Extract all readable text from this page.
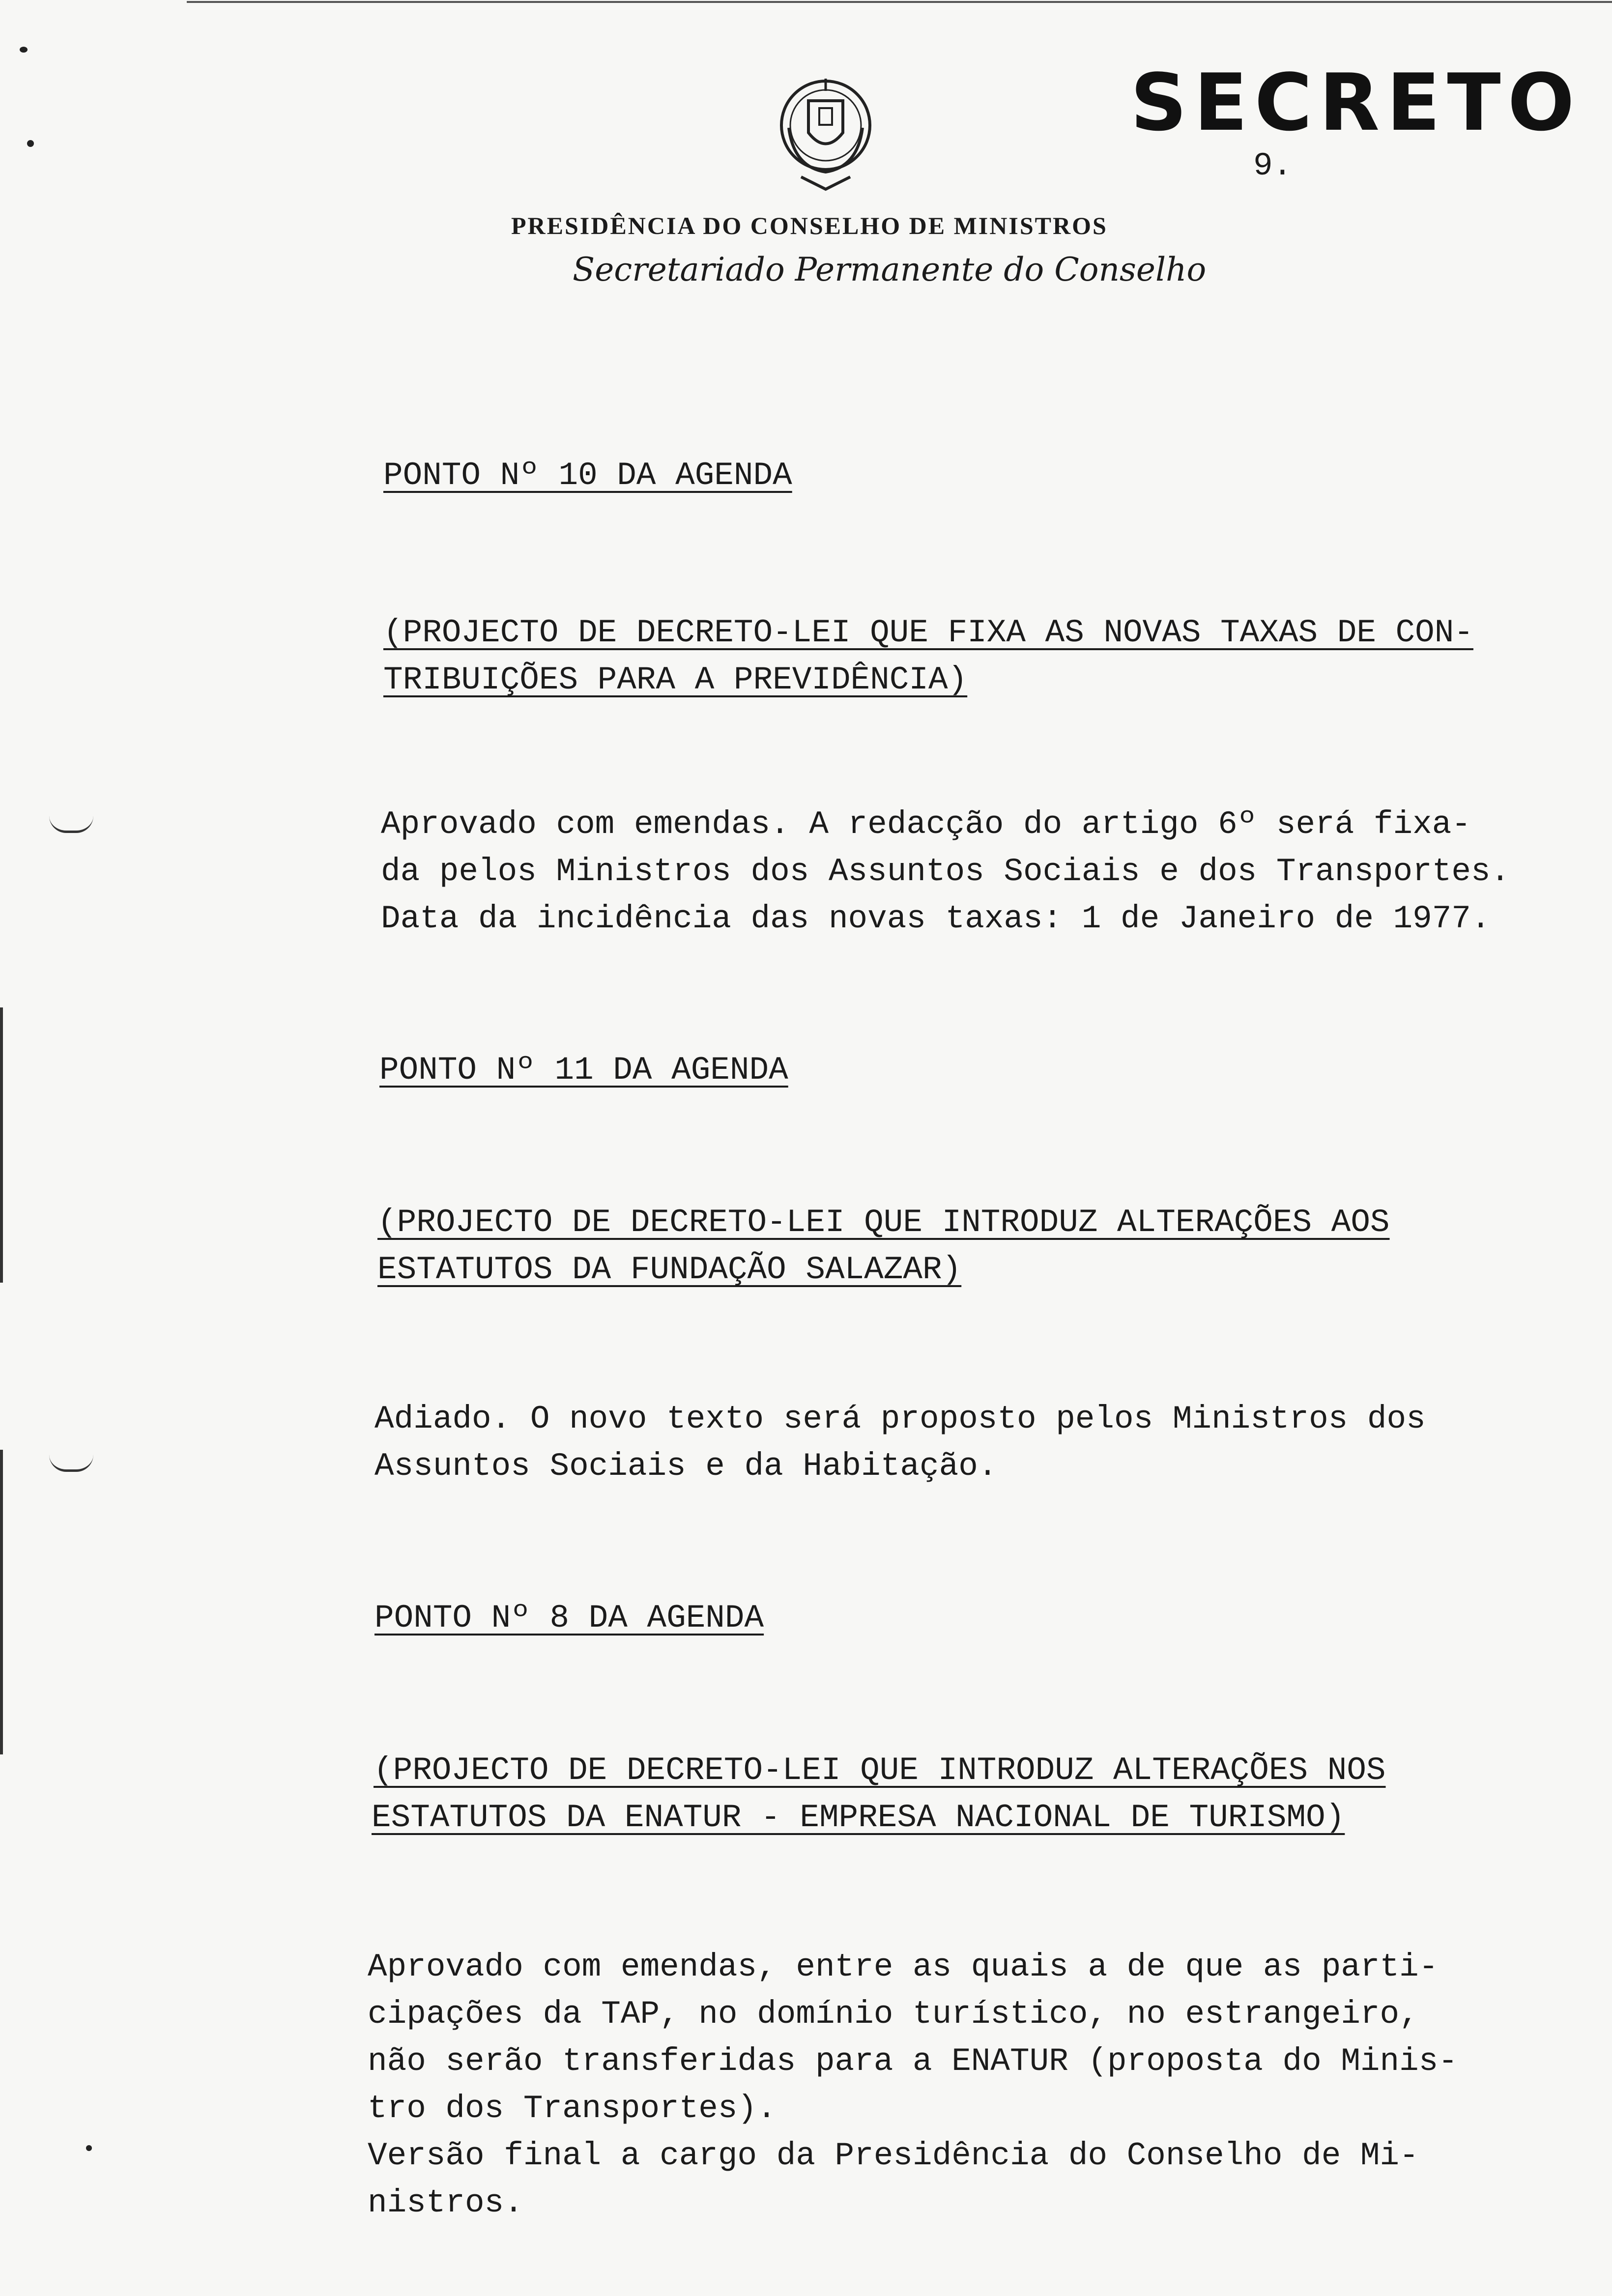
SECRETO
9.
PRESIDÊNCIA DO CONSELHO DE MINISTROS
Secretariado Permanente do Conselho
PONTO Nº 10 DA AGENDA
(PROJECTO DE DECRETO-LEI QUE FIXA AS NOVAS TAXAS DE CON-
TRIBUIÇÕES PARA A PREVIDÊNCIA)
Aprovado com emendas. A redacção do artigo 6º será fixa-
da pelos Ministros dos Assuntos Sociais e dos Transportes.
Data da incidência das novas taxas: 1 de Janeiro de 1977.
PONTO Nº 11 DA AGENDA
(PROJECTO DE DECRETO-LEI QUE INTRODUZ ALTERAÇÕES AOS
ESTATUTOS DA FUNDAÇÃO SALAZAR)
Adiado. O novo texto será proposto pelos Ministros dos
Assuntos Sociais e da Habitação.
PONTO Nº 8 DA AGENDA
(PROJECTO DE DECRETO-LEI QUE INTRODUZ ALTERAÇÕES NOS
ESTATUTOS DA ENATUR - EMPRESA NACIONAL DE TURISMO)
Aprovado com emendas, entre as quais a de que as parti-
cipações da TAP, no domínio turístico, no estrangeiro,
não serão transferidas para a ENATUR (proposta do Minis-
tro dos Transportes).
Versão final a cargo da Presidência do Conselho de Mi-
nistros.
